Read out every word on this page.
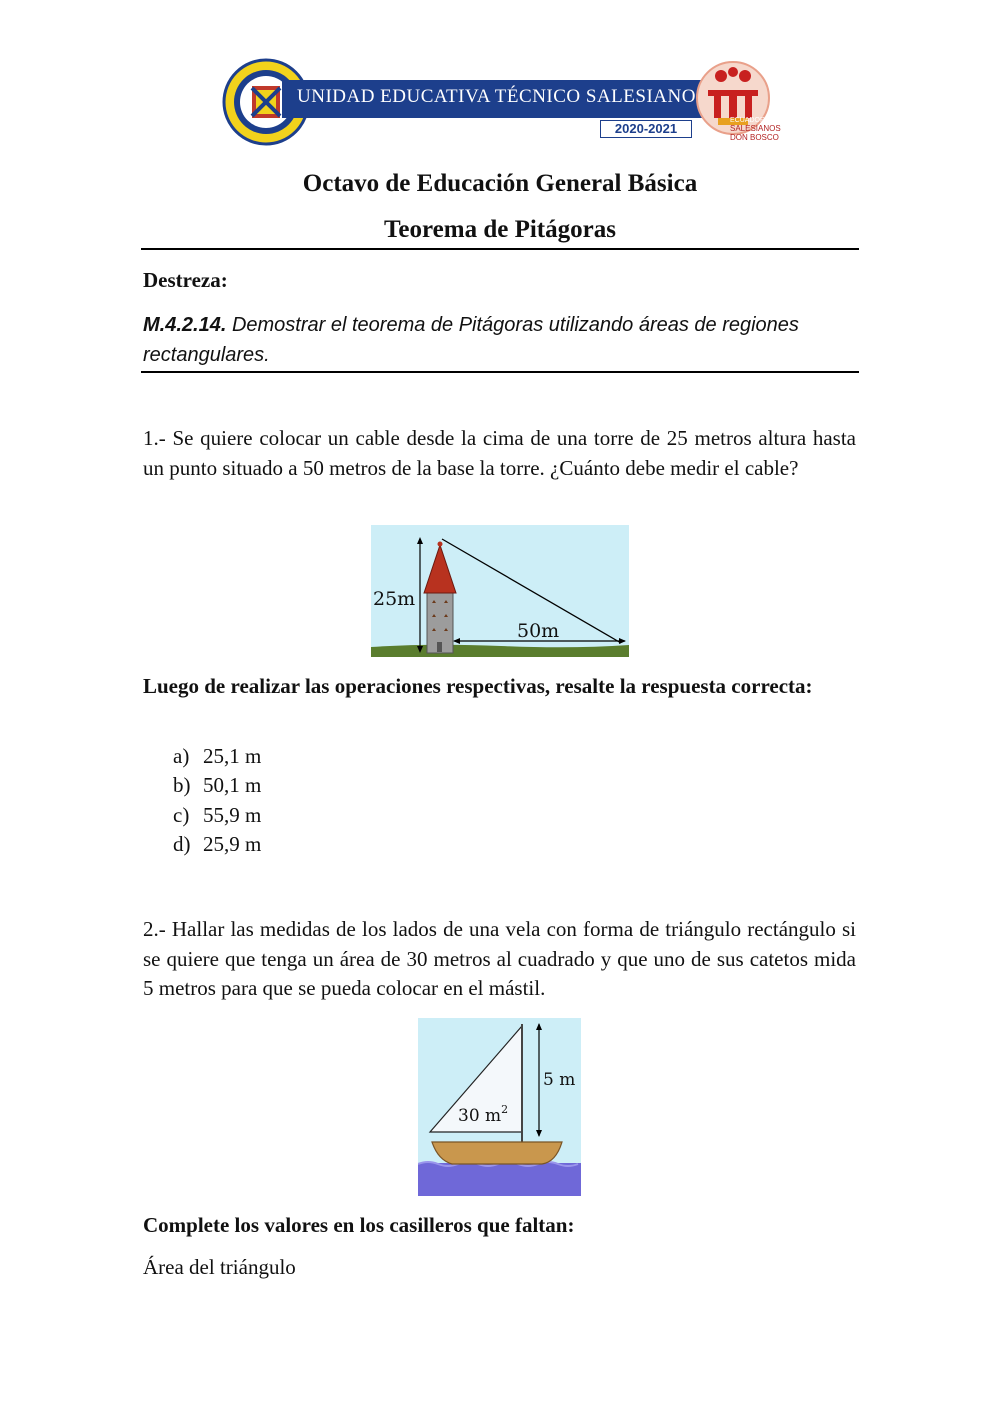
UNIDAD EDUCATIVA TÉCNICO SALESIANO
2020-2021
ECUADOR
SALESIANOS
DON BOSCO
Octavo de Educación General Básica
Teorema de Pitágoras
Destreza:
M.4.2.14. Demostrar el teorema de Pitágoras utilizando áreas de regiones rectangulares.
1.- Se quiere colocar un cable desde la cima de una torre de 25 metros altura hasta un punto situado a 50 metros de la base la torre. ¿Cuánto debe medir el cable?
25m
50m
Luego de realizar las operaciones respectivas, resalte la respuesta correcta:
a) 25,1 m
b) 50,1 m
c) 55,9 m
d) 25,9 m
2.- Hallar las medidas de los lados de una vela con forma de triángulo rectángulo si se quiere que tenga un área de 30 metros al cuadrado y que uno de sus catetos mida 5 metros para que se pueda colocar en el mástil.
5 m
30 $m^2$
Complete los valores en los casilleros que faltan:
Área del triángulo
